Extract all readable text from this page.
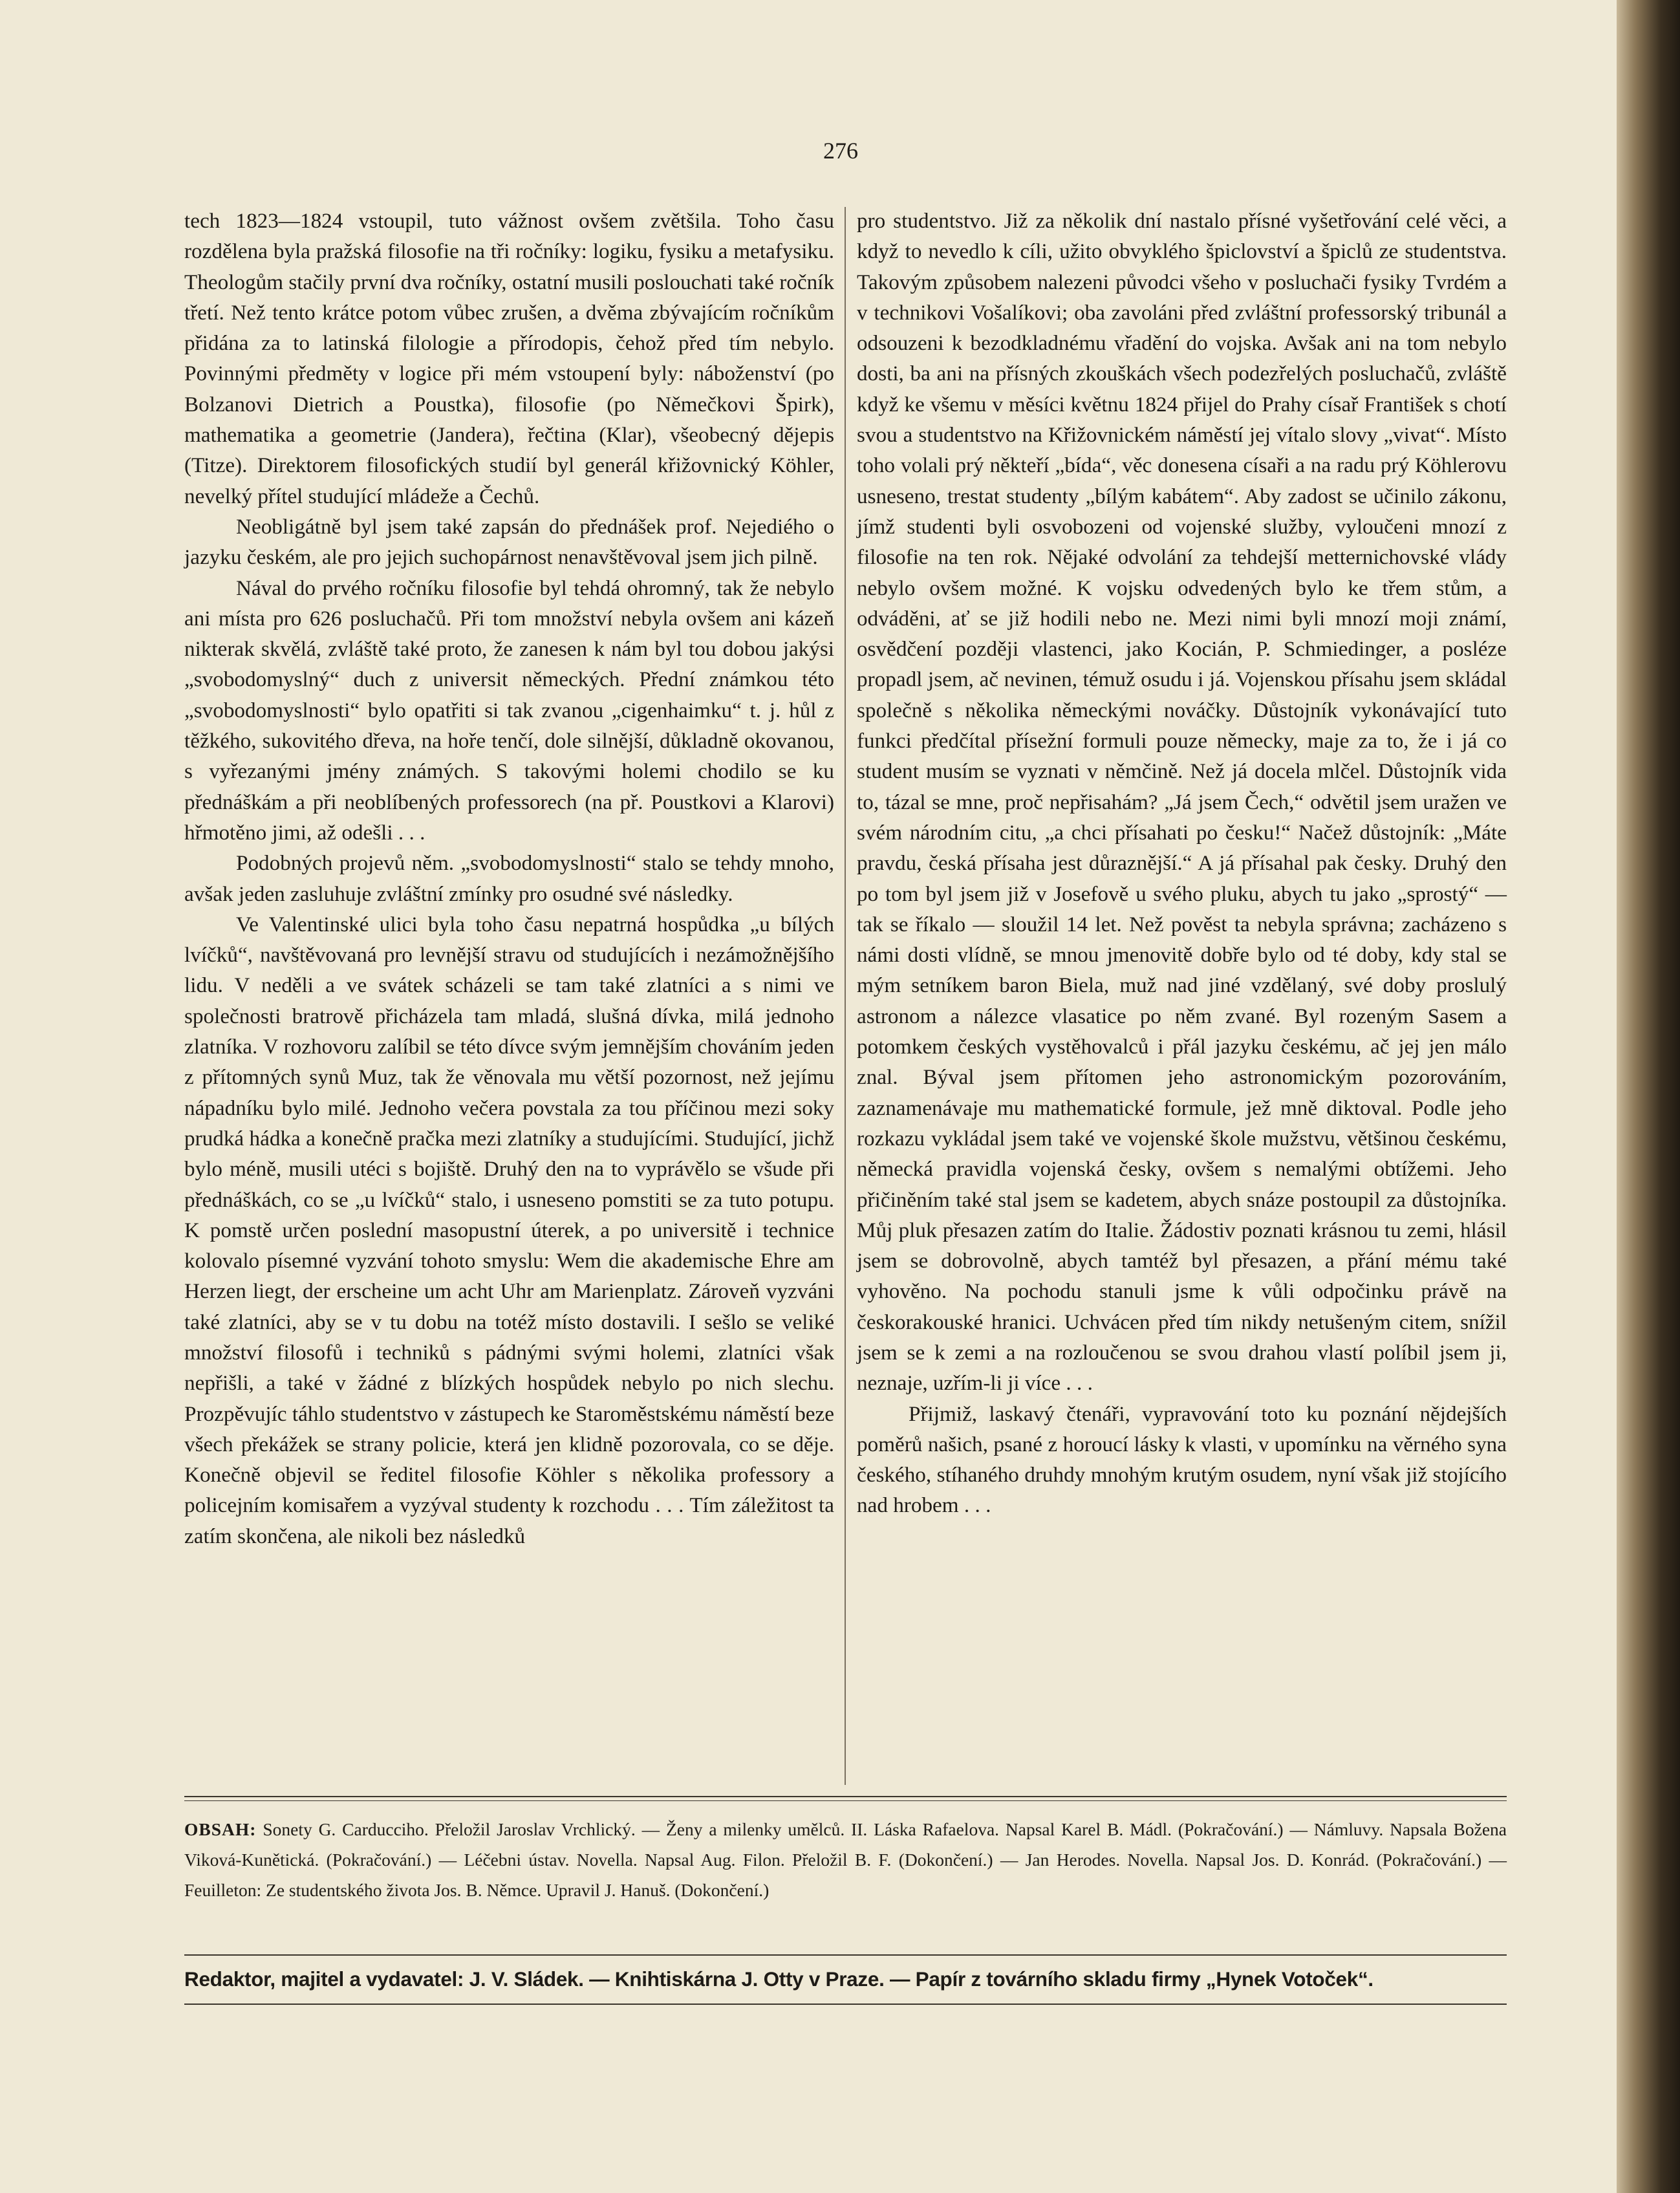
276

tech 1823—1824 vstoupil, tuto vážnost ovšem zvětšila. Toho času rozdělena byla pražská filosofie na tři ročníky: logiku, fysiku a metafysiku. Theologům stačily první dva ročníky, ostatní musili poslouchati také ročník třetí. Než tento krátce potom vůbec zrušen, a dvěma zbývajícím ročníkům přidána za to latinská filologie a přírodopis, čehož před tím nebylo. Povinnými předměty v logice při mém vstoupení byly: náboženství (po Bolzanovi Dietrich a Poustka), filosofie (po Němečkovi Špirk), mathematika a geometrie (Jandera), řečtina (Klar), všeobecný dějepis (Titze). Direktorem filosofických studií byl generál křižovnický Köhler, nevelký přítel studující mládeže a Čechů.

Neobligátně byl jsem také zapsán do přednášek prof. Nejediého o jazyku českém, ale pro jejich suchopárnost nenavštěvoval jsem jich pilně.

Nával do prvého ročníku filosofie byl tehdá ohromný, tak že nebylo ani místa pro 626 posluchačů. Při tom množství nebyla ovšem ani kázeň nikterak skvělá, zvláště také proto, že zanesen k nám byl tou dobou jakýsi „svobodomyslný“ duch z universit německých. Přední známkou této „svobodomyslnosti“ bylo opatřiti si tak zvanou „cigenhaimku“ t. j. hůl z těžkého, sukovitého dřeva, na hoře tenčí, dole silnější, důkladně okovanou, s vyřezanými jmény známých. S takovými holemi chodilo se ku přednáškám a při neoblíbených professorech (na př. Poustkovi a Klarovi) hřmotěno jimi, až odešli . . .

Podobných projevů něm. „svobodomyslnosti“ stalo se tehdy mnoho, avšak jeden zasluhuje zvláštní zmínky pro osudné své následky.

Ve Valentinské ulici byla toho času nepatrná hospůdka „u bílých lvíčků“, navštěvovaná pro levnější stravu od studujících i nezámožnějšího lidu. V neděli a ve svátek scházeli se tam také zlatníci a s nimi ve společnosti bratrově přicházela tam mladá, slušná dívka, milá jednoho zlatníka. V rozhovoru zalíbil se této dívce svým jemnějším chováním jeden z přítomných synů Muz, tak že věnovala mu větší pozornost, než jejímu nápadníku bylo milé. Jednoho večera povstala za tou příčinou mezi soky prudká hádka a konečně pračka mezi zlatníky a studujícími. Studující, jichž bylo méně, musili utéci s bojiště. Druhý den na to vyprávělo se všude při přednáškách, co se „u lvíčků“ stalo, i usneseno pomstiti se za tuto potupu. K pomstě určen poslední masopustní úterek, a po universitě i technice kolovalo písemné vyzvání tohoto smyslu: Wem die akademische Ehre am Herzen liegt, der erscheine um acht Uhr am Marienplatz. Zároveň vyzváni také zlatníci, aby se v tu dobu na totéž místo dostavili. I sešlo se veliké množství filosofů i techniků s pádnými svými holemi, zlatníci však nepřišli, a také v žádné z blízkých hospůdek nebylo po nich slechu. Prozpěvujíc táhlo studentstvo v zástupech ke Staroměstskému náměstí beze všech překážek se strany policie, která jen klidně pozorovala, co se děje. Konečně objevil se ředitel filosofie Köhler s několika professory a policejním komisařem a vyzýval studenty k rozchodu . . . Tím záležitost ta zatím skončena, ale nikoli bez následků

pro studentstvo. Již za několik dní nastalo přísné vyšetřování celé věci, a když to nevedlo k cíli, užito obvyklého špiclovství a špiclů ze studentstva. Takovým způsobem nalezeni původci všeho v posluchači fysiky Tvrdém a v technikovi Vošalíkovi; oba zavoláni před zvláštní professorský tribunál a odsouzeni k bezodkladnému vřadění do vojska. Avšak ani na tom nebylo dosti, ba ani na přísných zkouškách všech podezřelých posluchačů, zvláště když ke všemu v měsíci květnu 1824 přijel do Prahy císař František s chotí svou a studentstvo na Křižovnickém náměstí jej vítalo slovy „vivat“. Místo toho volali prý někteří „bída“, věc donesena císaři a na radu prý Köhlerovu usneseno, trestat studenty „bílým kabátem“. Aby zadost se učinilo zákonu, jímž studenti byli osvobozeni od vojenské služby, vyloučeni mnozí z filosofie na ten rok. Nějaké odvolání za tehdejší metternichovské vlády nebylo ovšem možné. K vojsku odvedených bylo ke třem stům, a odváděni, ať se již hodili nebo ne. Mezi nimi byli mnozí moji známí, osvědčení později vlastenci, jako Kocián, P. Schmiedinger, a posléze propadl jsem, ač nevinen, témuž osudu i já. Vojenskou přísahu jsem skládal společně s několika německými nováčky. Důstojník vykonávající tuto funkci předčítal přísežní formuli pouze německy, maje za to, že i já co student musím se vyznati v němčině. Než já docela mlčel. Důstojník vida to, tázal se mne, proč nepřisahám? „Já jsem Čech,“ odvětil jsem uražen ve svém národním citu, „a chci přísahati po česku!“ Načež důstojník: „Máte pravdu, česká přísaha jest důraznější.“ A já přísahal pak česky. Druhý den po tom byl jsem již v Josefově u svého pluku, abych tu jako „sprostý“ — tak se říkalo — sloužil 14 let. Než pověst ta nebyla správna; zacházeno s námi dosti vlídně, se mnou jmenovitě dobře bylo od té doby, kdy stal se mým setníkem baron Biela, muž nad jiné vzdělaný, své doby proslulý astronom a nálezce vlasatice po něm zvané. Byl rozeným Sasem a potomkem českých vystěhovalců i přál jazyku českému, ač jej jen málo znal. Býval jsem přítomen jeho astronomickým pozorováním, zaznamenávaje mu mathematické formule, jež mně diktoval. Podle jeho rozkazu vykládal jsem také ve vojenské škole mužstvu, většinou českému, německá pravidla vojenská česky, ovšem s nemalými obtížemi. Jeho přičiněním také stal jsem se kadetem, abych snáze postoupil za důstojníka. Můj pluk přesazen zatím do Italie. Žádostiv poznati krásnou tu zemi, hlásil jsem se dobrovolně, abych tamtéž byl přesazen, a přání mému také vyhověno. Na pochodu stanuli jsme k vůli odpočinku právě na českorakouské hranici. Uchvácen před tím nikdy netušeným citem, snížil jsem se k zemi a na rozloučenou se svou drahou vlastí políbil jsem ji, neznaje, uzřím-li ji více . . .

Přijmiž, laskavý čtenáři, vypravování toto ku poznání nějdejších poměrů našich, psané z horoucí lásky k vlasti, v upomínku na věrného syna českého, stíhaného druhdy mnohým krutým osudem, nyní však již stojícího nad hrobem . . .

OBSAH: Sonety G. Carducciho. Přeložil Jaroslav Vrchlický. — Ženy a milenky umělců. II. Láska Rafaelova. Napsal Karel B. Mádl. (Pokračování.) — Námluvy. Napsala Božena Viková-Kunětická. (Pokračování.) — Léčebni ústav. Novella. Napsal Aug. Filon. Přeložil B. F. (Dokončení.) — Jan Herodes. Novella. Napsal Jos. D. Konrád. (Pokračování.) — Feuilleton: Ze studentského života Jos. B. Němce. Upravil J. Hanuš. (Dokončení.)
Redaktor, majitel a vydavatel: J. V. Sládek. — Knihtiskárna J. Otty v Praze. — Papír z továrního skladu firmy „Hynek Votoček“.
